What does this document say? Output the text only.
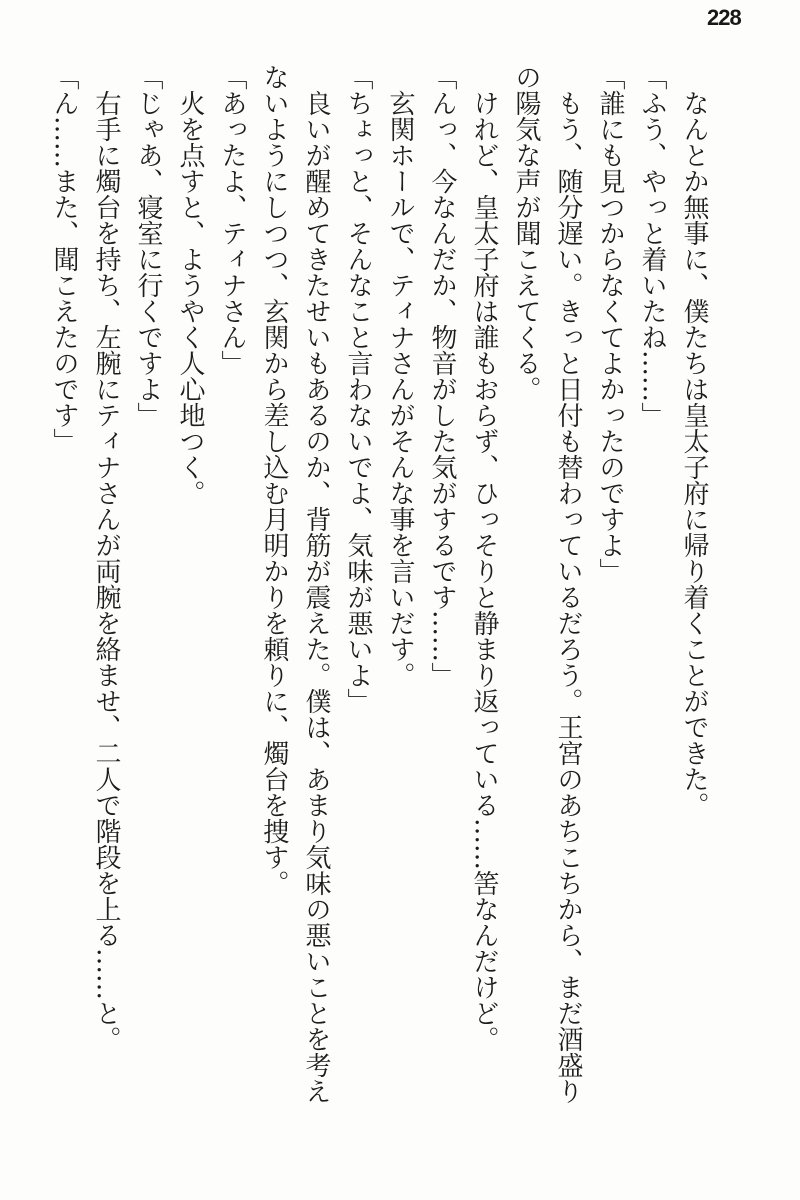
228

　なんとか無事に、僕たちは皇太子府に帰り着くことができた。

「ふう、やっと着いたね……」

「誰にも見つからなくてよかったのですよ」

　もう、随分遅い。きっと日付も替わっているだろう。王宮のあちこちから、まだ酒盛り

の陽気な声が聞こえてくる。

　けれど、皇太子府は誰もおらず、ひっそりと静まり返っている……筈なんだけど。

「んっ、今なんだか、物音がした気がするです……」

　玄関ホールで、ティナさんがそんな事を言いだす。

「ちょっと、そんなこと言わないでよ、気味が悪いよ」

　良いが醒めてきたせいもあるのか、背筋が震えた。僕は、あまり気味の悪いことを考え

ないようにしつつ、玄関から差し込む月明かりを頼りに、燭台を捜す。

「あったよ、ティナさん」

　火を点すと、ようやく人心地つく。

「じゃあ、寝室に行くですよ」

　右手に燭台を持ち、左腕にティナさんが両腕を絡ませ、二人で階段を上る……と。

「ん……また、聞こえたのです」
